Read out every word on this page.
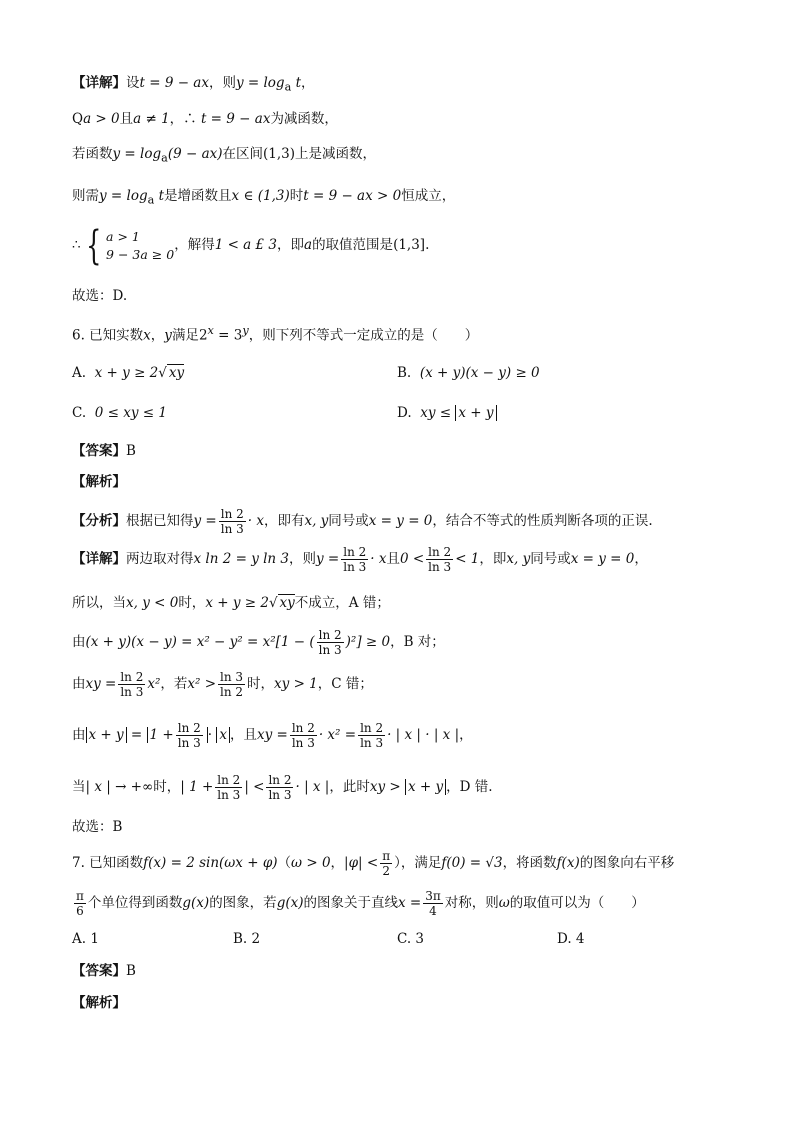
【详解】设t = 9 − ax，则$y = \log_a t$，
Qa > 0且a ≠ 1，∴ t = 9 − ax为减函数，
若函数$y = \log_a(9 - ax)$在区间(1,3)上是减函数，
则需$y = \log_a t$是增函数且x ∈ (1,3)时t = 9 − ax > 0恒成立，
∴ { a > 1
9 − 3a ≥ 0
，解得1 < a £ 3，即a的取值范围是(1,3].
故选：D.
6. 已知实数x，y满足$2^x = 3^y$，则下列不等式一定成立的是（　　）
A. x + y ≥ 2√ xy	B. (x + y)(x − y) ≥ 0
C. 0 ≤ xy ≤ 1	D. xy ≤ x + y
【答案】B
【解析】
【分析】根据已知得$y = \frac{\ln 2}{\ln 3} \cdot x$，即有x, y同号或x = y = 0，结合不等式的性质判断各项的正误.
【详解】两边取对得x ln 2 = y ln 3，则$y = \frac{\ln 2}{\ln 3} \cdot x$且$0 < \frac{\ln 2}{\ln 3} < 1$，即x, y同号或x = y = 0，
所以，当x, y < 0时，x + y ≥ 2√ xy不成立，A 错；
由(x + y)(x − y) = x² − y² = x²[1 − ( $\frac{\ln 2}{\ln 3} )^2] \ge 0$，B 对；
由xy = $\frac{\ln 2}{\ln 3} x^2$，若$x^2 > \frac{\ln 3}{\ln 2}$ 时，xy > 1，C 错；
由 $x + y = 1 + \frac{\ln 2}{\ln 3} \cdot x$ ，且xy = $\frac{\ln 2}{\ln 3} \cdot x^2 = \frac{\ln 2}{\ln 3}$ · | x | · | x |，
当| x | → +∞时，| $1 + \frac{\ln 2}{\ln 3}$ | < $\frac{\ln 2}{\ln 3}$ · | x |，此时xy > x + y ，D 错.
故选：B
7. 已知函数f(x) = 2 sin(ωx + φ)（ω > 0，$|\varphi| < \frac{\pi}{2}$ ），满足f(0) = √3，将函数f(x)的图象向右平移
$\frac{\pi}{6}$ 个单位得到函数g(x)的图象，若g(x)的图象关于直线$x = \frac{3\pi}{4}$ 对称，则ω的取值可以为（　　）
A. 1	B. 2	C. 3	D. 4
【答案】B
【解析】
